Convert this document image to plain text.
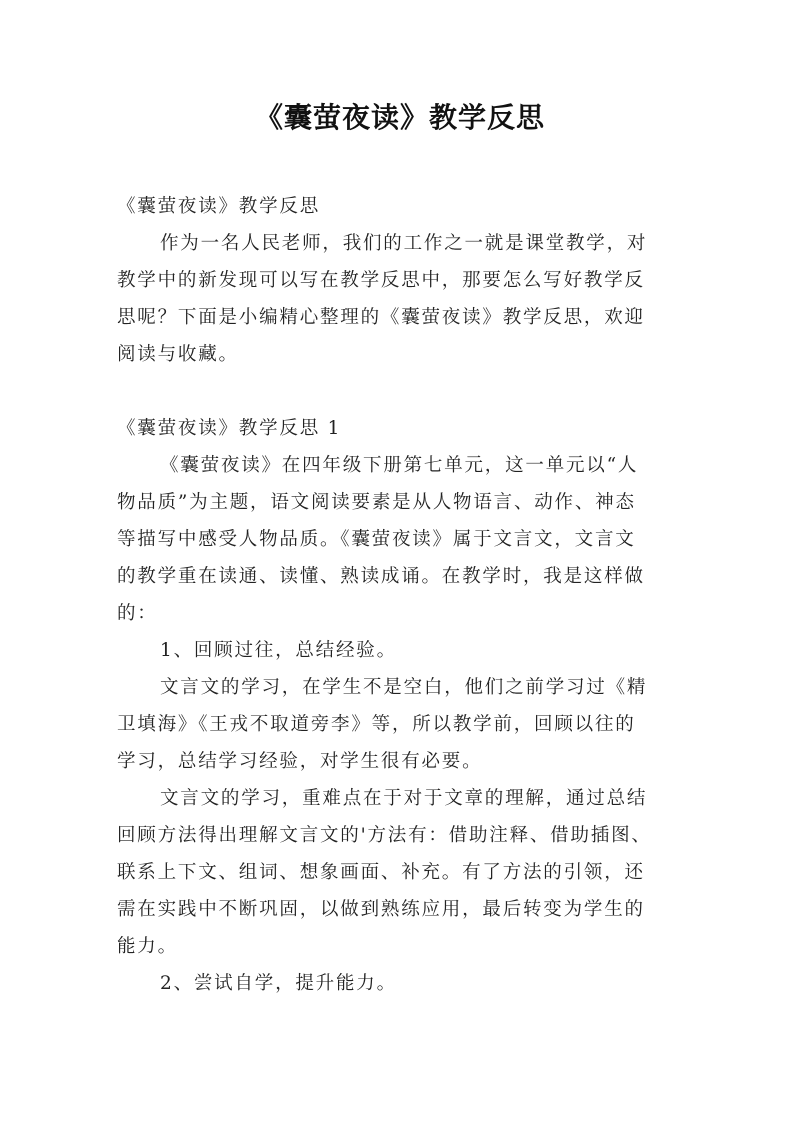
《囊萤夜读》教学反思
《囊萤夜读》教学反思
作为一名人民老师，我们的工作之一就是课堂教学，对
教学中的新发现可以写在教学反思中，那要怎么写好教学反
思呢？下面是小编精心整理的《囊萤夜读》教学反思，欢迎
阅读与收藏。
《囊萤夜读》教学反思 1
《囊萤夜读》在四年级下册第七单元，这一单元以“人
物品质”为主题，语文阅读要素是从人物语言、动作、神态
等描写中感受人物品质。《囊萤夜读》属于文言文，文言文
的教学重在读通、读懂、熟读成诵。在教学时，我是这样做
的：
1、回顾过往，总结经验。
文言文的学习，在学生不是空白，他们之前学习过《精
卫填海》《王戎不取道旁李》等，所以教学前，回顾以往的
学习，总结学习经验，对学生很有必要。
文言文的学习，重难点在于对于文章的理解，通过总结
回顾方法得出理解文言文的'方法有：借助注释、借助插图、
联系上下文、组词、想象画面、补充。有了方法的引领，还
需在实践中不断巩固，以做到熟练应用，最后转变为学生的
能力。
2、尝试自学，提升能力。
